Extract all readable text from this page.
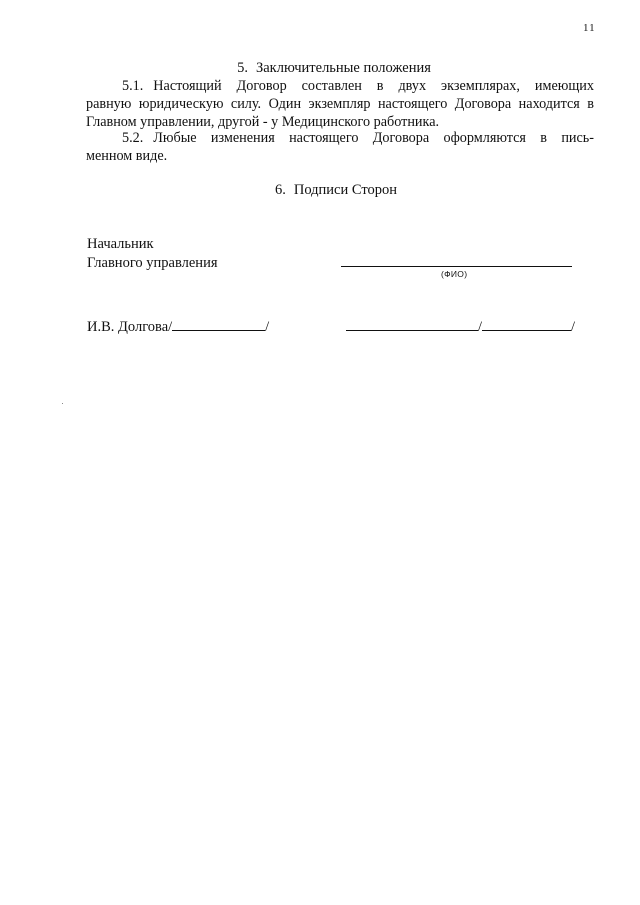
11
5. Заключительные положения
5.1. Настоящий Договор составлен в двух экземплярах, имеющих
равную юридическую силу. Один экземпляр настоящего Договора находится в Главном управлении, другой - у Медицинского работника.
5.2. Любые изменения настоящего Договора оформляются в пись-
менном виде.
6. Подписи Сторон
Начальник
Главного управления
(ФИО)
И.В. Долгова/	/	/	/
